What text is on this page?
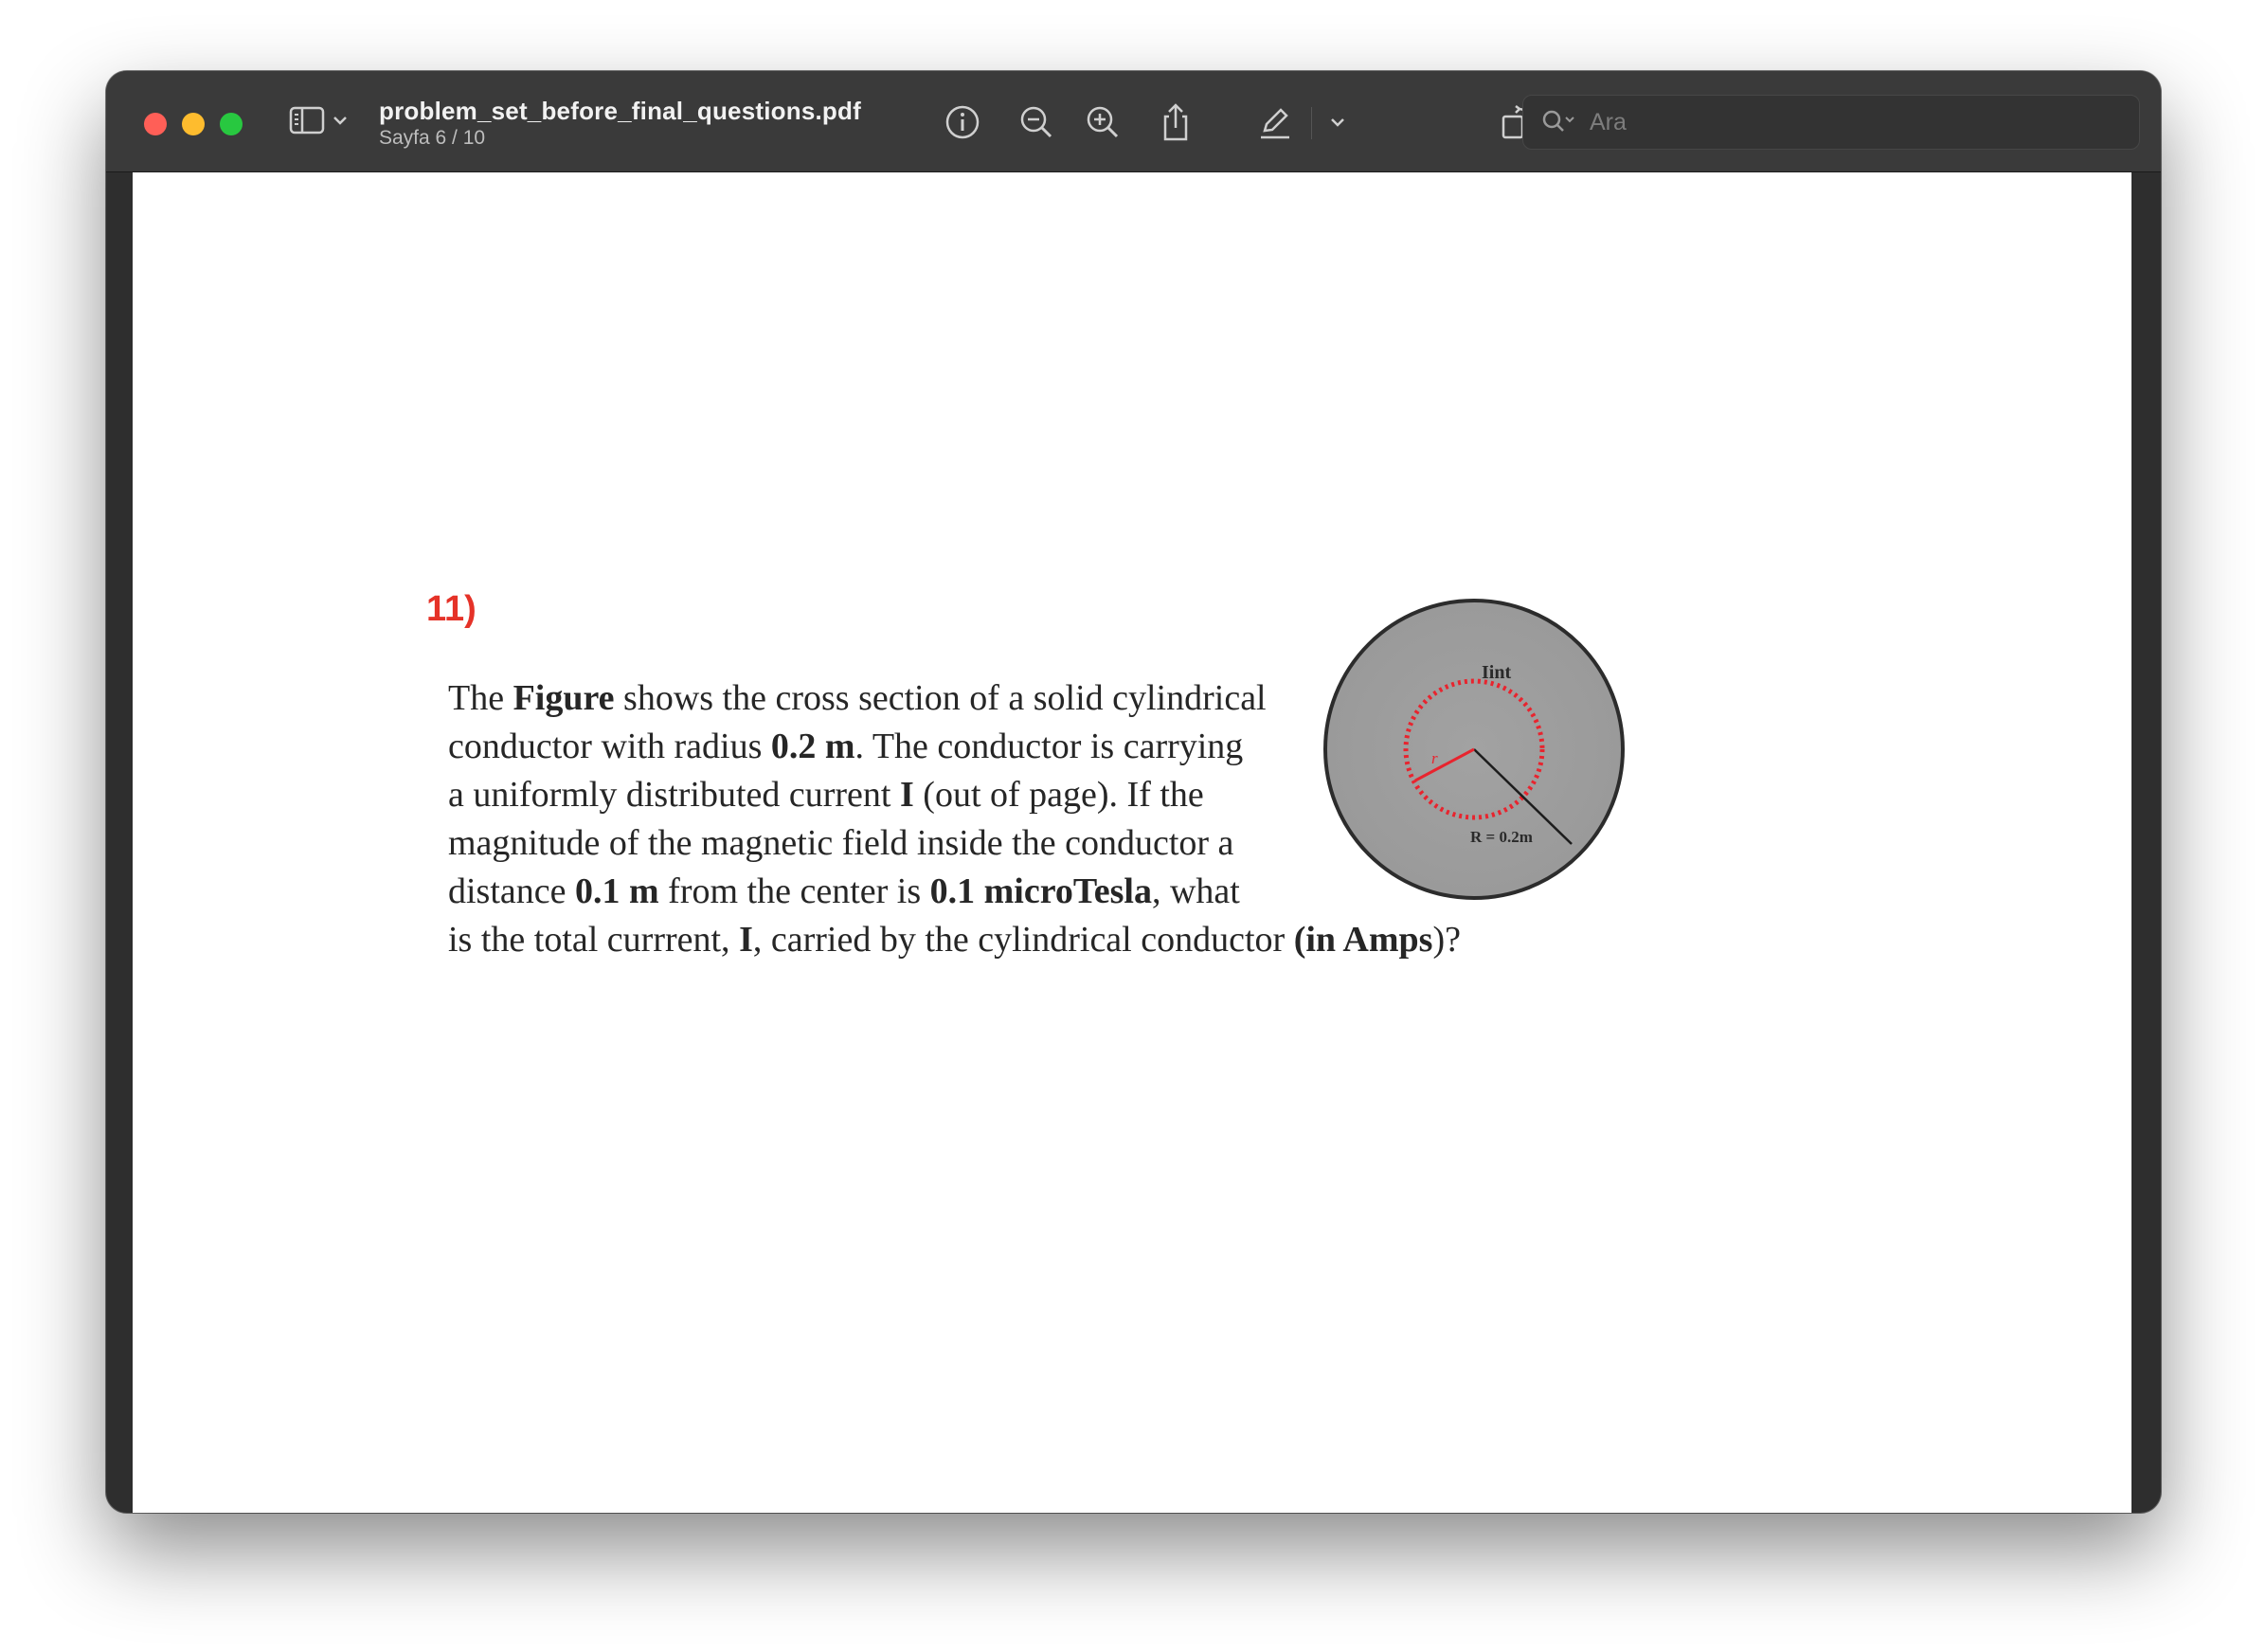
problem_set_before_final_questions.pdf
Sayfa 6 / 10
Ara
11)

The Figure shows the cross section of a solid cylindrical

conductor with radius 0.2 m. The conductor is carrying

a uniformly distributed current I (out of page). If the

magnitude of the magnetic field inside the conductor a

distance 0.1 m from the center is 0.1 microTesla, what

is the total currrent, I, carried by the cylindrical conductor (in Amps)?

r
Iint
R = 0.2m
